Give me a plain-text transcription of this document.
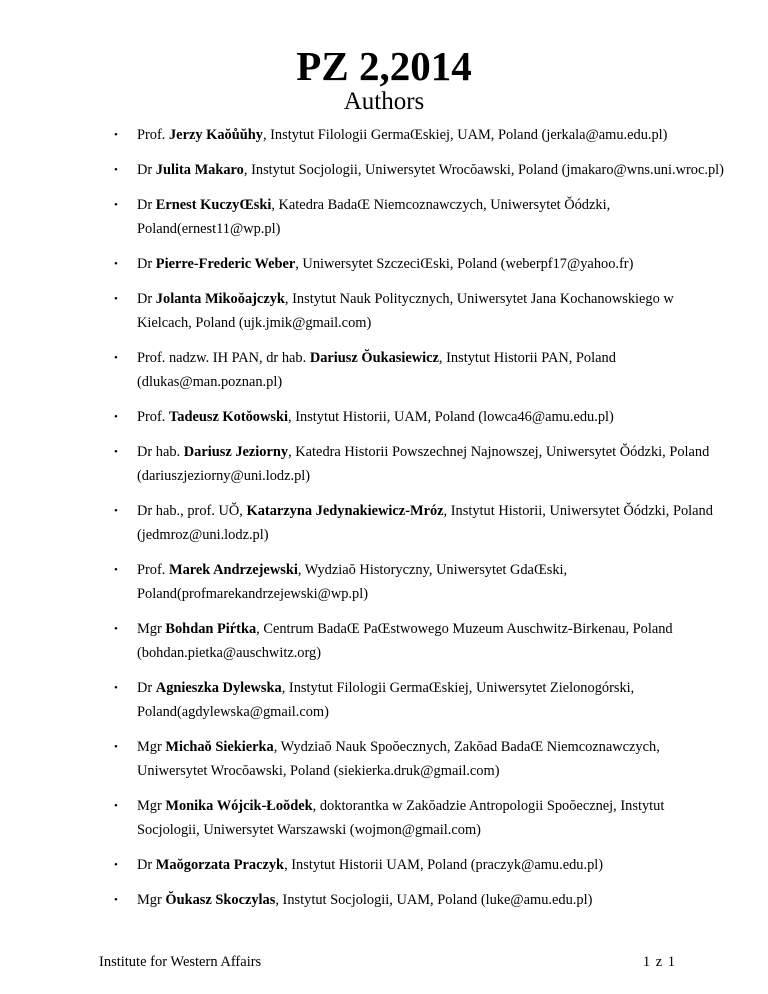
PZ 2,2014
Authors
• Prof. Jerzy Kaŏůŭhy, Instytut Filologii GermaŒskiej, UAM, Poland (jerkala@amu.edu.pl)
• Dr Julita Makaro, Instytut Socjologii, Uniwersytet Wrocŏawski, Poland (jmakaro@wns.uni.wroc.pl)
• Dr Ernest KuczyŒski, Katedra BadaŒ Niemcoznawczych, Uniwersytet Ŏódzki, Poland(ernest11@wp.pl)
• Dr Pierre-Frederic Weber, Uniwersytet SzczeciŒski, Poland (weberpf17@yahoo.fr)
• Dr Jolanta Mikoŏajczyk, Instytut Nauk Politycznych, Uniwersytet Jana Kochanowskiego w Kielcach, Poland (ujk.jmik@gmail.com)
• Prof. nadzw. IH PAN, dr hab. Dariusz Ŏukasiewicz, Instytut Historii PAN, Poland (dlukas@man.poznan.pl)
• Prof. Tadeusz Kotŏowski, Instytut Historii, UAM, Poland (lowca46@amu.edu.pl)
• Dr hab. Dariusz Jeziorny, Katedra Historii Powszechnej Najnowszej, Uniwersytet Ŏódzki, Poland (dariuszjeziorny@uni.lodz.pl)
• Dr hab., prof. UŎ, Katarzyna Jedynakiewicz-Mróz, Instytut Historii, Uniwersytet Ŏódzki, Poland (jedmroz@uni.lodz.pl)
• Prof. Marek Andrzejewski, Wydziaŏ Historyczny, Uniwersytet GdaŒski, Poland(profmarekandrzejewski@wp.pl)
• Mgr Bohdan Piŕtka, Centrum BadaŒ PaŒstwowego Muzeum Auschwitz-Birkenau, Poland (bohdan.pietka@auschwitz.org)
• Dr Agnieszka Dylewska, Instytut Filologii GermaŒskiej, Uniwersytet Zielonogórski, Poland(agdylewska@gmail.com)
• Mgr Michaŏ Siekierka, Wydziaŏ Nauk Spoŏecznych, Zakŏad BadaŒ Niemcoznawczych, Uniwersytet Wrocŏawski, Poland (siekierka.druk@gmail.com)
• Mgr Monika Wójcik-Łoŏdek, doktorantka w Zakŏadzie Antropologii Spoŏecznej, Instytut Socjologii, Uniwersytet Warszawski (wojmon@gmail.com)
• Dr Maŏgorzata Praczyk, Instytut Historii UAM, Poland (praczyk@amu.edu.pl)
• Mgr Ŏukasz Skoczylas, Instytut Socjologii, UAM, Poland (luke@amu.edu.pl)
Institute for Western Affairs	1 z 1
